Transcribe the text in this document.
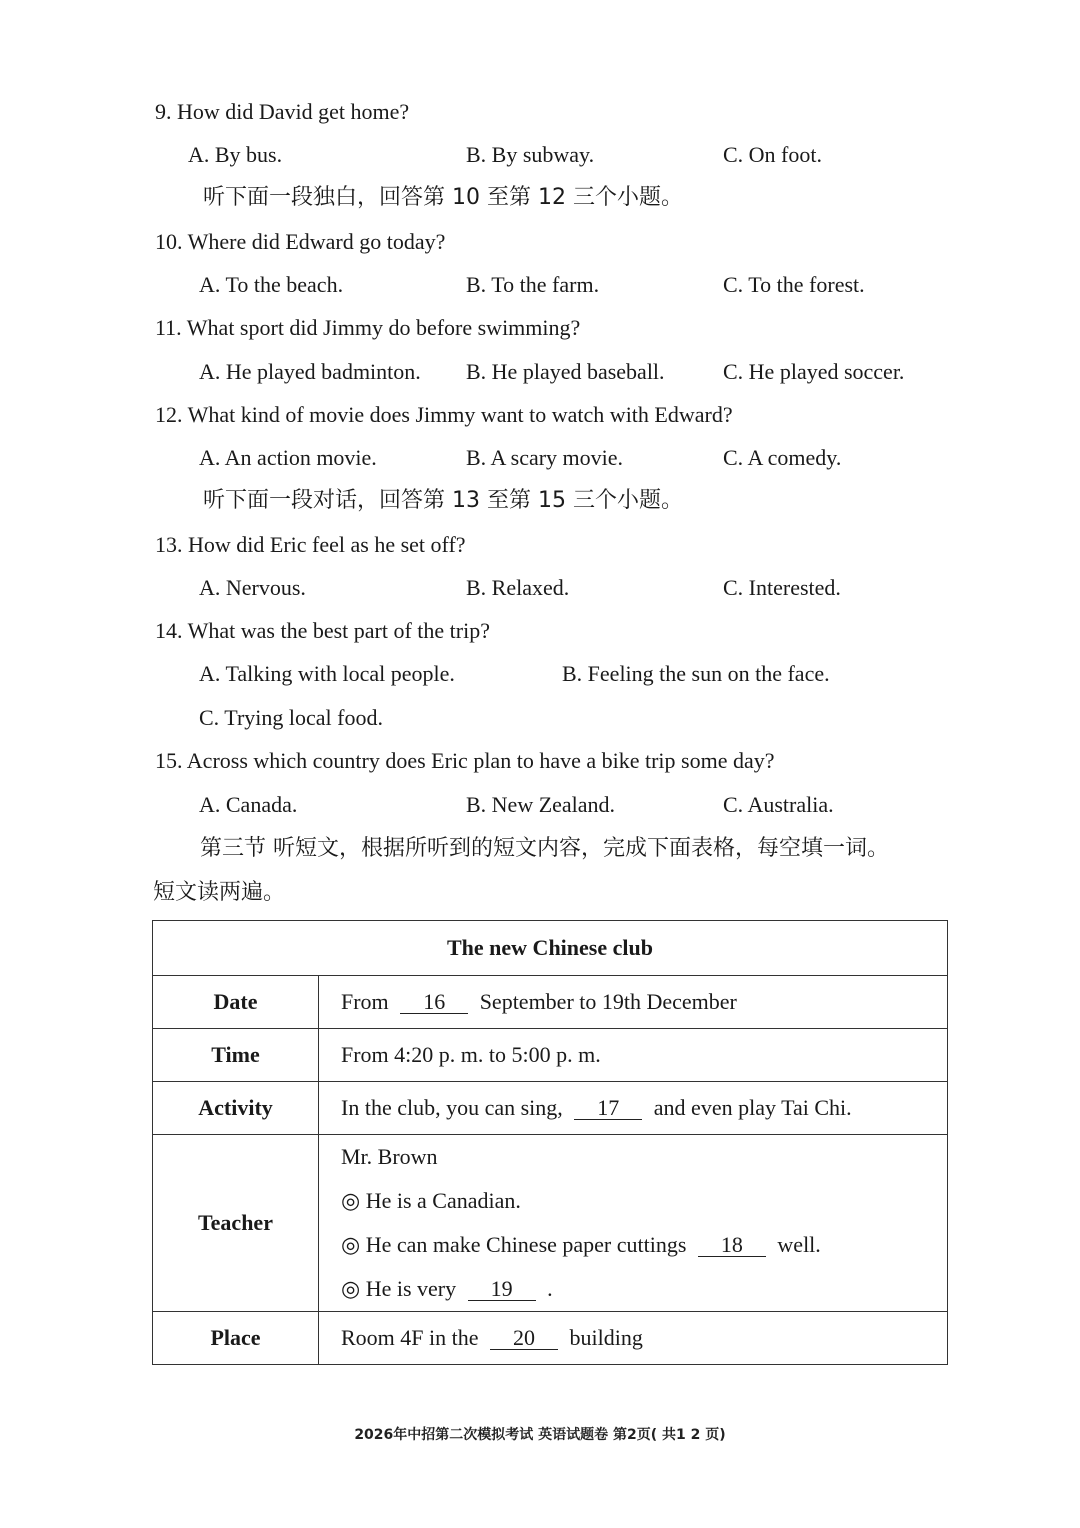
9. How did David get home?
A. By bus.	B. By subway.	C. On foot.
听下面一段独白，回答第 10 至第 12 三个小题。
10. Where did Edward go today?
A. To the beach.	B. To the farm.	C. To the forest.
11. What sport did Jimmy do before swimming?
A. He played badminton. B. He played baseball.	C. He played soccer.
12. What kind of movie does Jimmy want to watch with Edward?
A. An action movie.	B. A scary movie.	C. A comedy.
听下面一段对话，回答第 13 至第 15 三个小题。
13. How did Eric feel as he set off?
A. Nervous.	B. Relaxed.	C. Interested.
14. What was the best part of the trip?
A. Talking with local people.	B. Feeling the sun on the face.
C. Trying local food.
15. Across which country does Eric plan to have a bike trip some day?
A. Canada.	B. New Zealand.	C. Australia.
第三节 听短文，根据所听到的短文内容，完成下面表格，每空填一词。
短文读两遍。
The new Chinese club	
Date	From 16 September to 19th December
Time	From 4:20 p. m. to 5:00 p. m.
Activity	In the club, you can sing, 17 and even play Tai Chi.
Teacher	Mr. Brown
◎ He is a Canadian.
◎ He can make Chinese paper cuttings 18 well.
◎ He is very 19 .

Place	Room 4F in the 20 building
2026年中招第二次模拟考试 英语试题卷 第2页( 共1 2 页)
